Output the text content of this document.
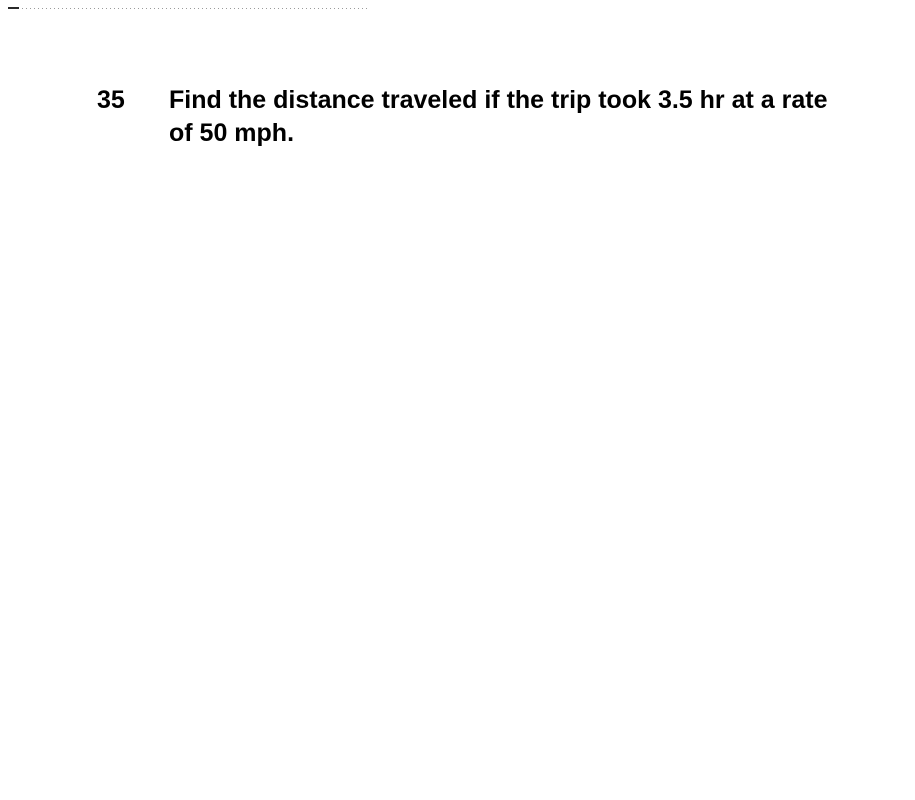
35 Find the distance traveled if the trip took 3.5 hr at a rate of 50 mph.
